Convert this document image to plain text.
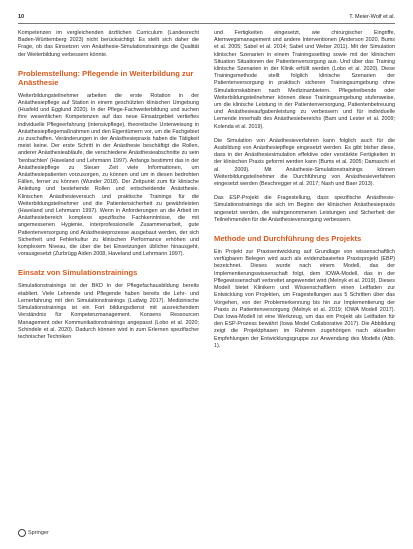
10	T. Meier-Wolf et al.

Kompetenzen im vergleichenden ärztlichen Curriculum (Landesrecht Baden-Württemberg 2023) nicht berücksichtigt. Es stellt sich daher die Frage, ob das Einsetzen von Anästhesie-Simulationstrainings die Qualität der Weiterbildung verbessern könnte.

Problemstellung: Pflegende in Weiterbildung zur Anästhesie

Weiterbildungsteilnehmer arbeiten die erste Rotation in der Anästhesiepflege auf Station in einem geschützten klinischen Umgebung (Husfeld und Egglund 2020). In der Pflege-Fachweiterbildung und suchen ihre wesentlichen Kompetenzen auf das neue Einsatzgebiet vertieftes individuelle Pflegeerfahrung (intensivpflege), theoretische Unterweisung in Anästhesiepflegemaßnahmen und den Eigentümern vor, um die Fachgebiet zu zuschaffen. Veränderungen in der Anästhesiepraxis haben die Tätigkeit meist keine. Der erste Schritt in der Anästhesie beschäftigt die Rollen, anderer Anästhesieabläufe, die verschiedene Anästhesieabschnitte zu sein 'beobachten' (Haveland und Lehrmann 1997). Anfangs bestimmt das in der Anästhesiepflege zu Steuer Zeit viele Informationen, um Anästhesiepatienten vorzusorgen, zu können und um in diesen bedrohten Fällen, ferner zu können (Wunder 2018). Der Zeitpunkt zum für klinische Anleitung und bestehende Rollen und entscheidende Anästhesie. Klinischen Anästhesieversuch und praktische Trainings für die Weiterbildungsteilnehmer und die Patientensicherheit zu gewährleisten (Haveland und Lehrmann 1997). Wenn in Anforderungen an die Arbeit im Anästhesiebereich komplexe spezifische Fachkenntnisse, die mit angemessenen Hygienie, interprofessionelle Zusammenarbeit, gute Patientenversorgung und Anästhesieprozesse ausgebaut werden, der sich Sicherheit und Fehlerkultur zu klinischen Performance erhöhen und komplexem Niveau, die über die bei Einsetzungen üblicher hinausgeht, vorausgesetzt (Zurbrügg Aiden 2008, Haveland und Lehrmann 1997).

Einsatz von Simulationstrainings

Simulationstrainings ist der BKD in der Pflegefachausbildung bereits etabliert. Viele Lehrende und Pflegende haben bereits die Lehr- und Lernerfahrung mit den Simulationstrainings (Ludwig 2017). Medizinische Simulationstrainings ist ein Fort bildungsdienst mit ausreichendem Verständnis für Kompetenzmanagement. Konsens Ressourcen Management oder Kommunikationstrainings angepasst (Lobo et al. 2020; Schindele et al. 2020). Dadurch können wird in zum Erlernen spezifischer technischer Techniken

und Fertigkeiten eingesetzt, wie chirurgischer Eingriffe, Atemwegsmanagement und andere Interventionen (Anderson 2020, Bums et al. 2005; Sabel et al. 2014; Sabel und Weber 2011). Mit der Simulation klinischer Szenarien in einem Trainingssetting sowie mit der klinischen Situation Situationen der Patientenversorgung aus. Und über das Training klinische Szenarien in der Klinik erfüllt werden (Lobo et al. 2020). Diese Trainingsmethode stellt folglich klinische Szenarien der Patientenversorgung in praktisch sicheren Trainingsumgebung ohne Simulationskabinen nach Medizinanbietern. Pflegetreibende oder Weiterbildungsteilnehmer können diese Trainingsumgebung stufenweise, um die klinische Leistung in der Patientenversorgung, Patientenbetreuung und Anästhesieaufgabenleistung zu verbessern und für individuelle Lernende innerhalb des Anästhesiebereichs (Bam und Lester et al. 2009; Kolenda et al. 2019).

Die Simulation von Anästhesieverfahren kann folglich auch für die Ausbildung von Anästhesiepflege eingesetzt werden. Es gibt bisher diese, dass in der Anästhesiesimulation effektive oder verstärkte Fertigkeiten in der klinischen Praxis geformt werden kann (Bums et al. 2005; Damaschi et al. 2009). Mit Anästhesie-Simulationstrainings können Weiterbildungsteilnehmer die Durchführung von Anästhesieverfahren eingesetzt werden (Beschregger et al. 2017; Nash und Baer 2013).

Das ESP-Projekt die Fragestellung, dass spezifische Anästhesie-Simulationstrainings die sich im Beginn der klinischen Anästhesiepraxis angesetzt werden, die wahrgenommenen Leistungen und Sicherheit der Teilnehmenden für die Anästhesieversorgung verbessern.

Methode und Durchführung des Projekts

Ein Projekt zur Praxisentwicklung auf Grundlage von wissenschaftlich verfügbaren Belegen wird auch als evidenzbasiertes Praxisprojekt (EBP) bezeichnet. Dieses wurde nach einem Modell, das der Implementierungswissenschaft folgt, dem IOWA-Modell, das in der Pflegewissenschaft verbreitet angewendet wird (Melnyk et al. 2019). Dieses Modell bietet Klinikern und Wissenschaftlern einen Leitfaden zur Entwicklung von Projekten, um Fragestellungen aus 5 Schritten über das Vorgehen, von der Problemerkennung bis hin zur Implementierung der Praxis zu Patientenversorgung (Melnyk et al. 2019; IOWA Modell 2017). Das Iowa-Modell ist eine Werkzeug, um das ein Projekt als Leitfaden für den ESP-Prozess bewährt (Iowa Model Collaborative 2017). Die Abbildung zeigt die Projektphasen im Rahmen zugehörigen nach aktuellen Empfehlungen der Entwicklungsgruppe zur Anwendung des Modells (Abb. 1).

Springer
